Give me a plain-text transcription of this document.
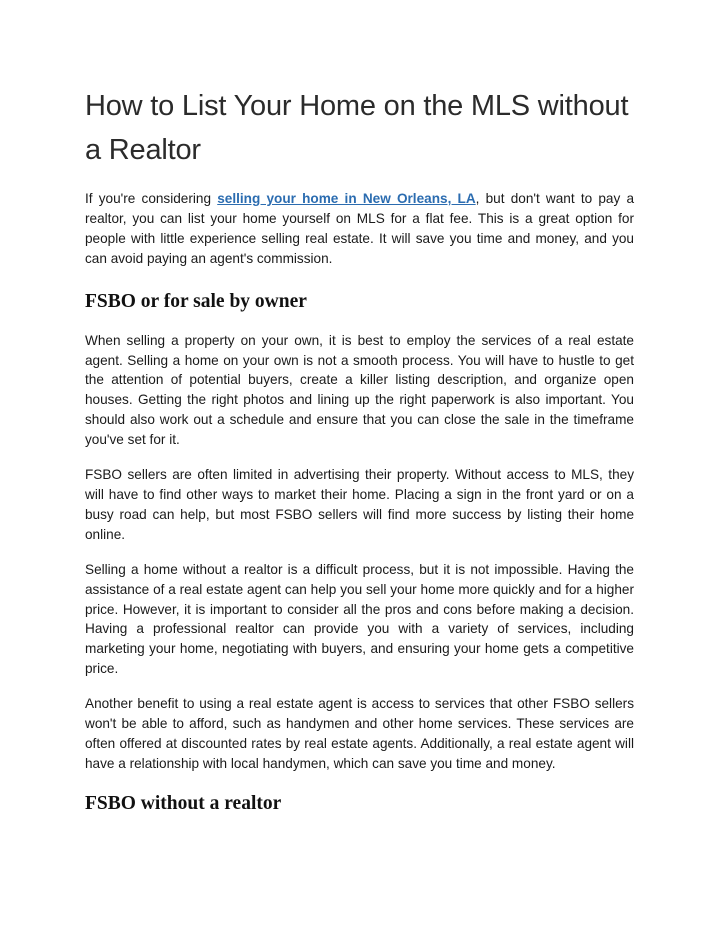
How to List Your Home on the MLS without a Realtor

If you're considering selling your home in New Orleans, LA, but don't want to pay a realtor, you can list your home yourself on MLS for a flat fee. This is a great option for people with little experience selling real estate. It will save you time and money, and you can avoid paying an agent's commission.

FSBO or for sale by owner

When selling a property on your own, it is best to employ the services of a real estate agent. Selling a home on your own is not a smooth process. You will have to hustle to get the attention of potential buyers, create a killer listing description, and organize open houses. Getting the right photos and lining up the right paperwork is also important. You should also work out a schedule and ensure that you can close the sale in the timeframe you've set for it.

FSBO sellers are often limited in advertising their property. Without access to MLS, they will have to find other ways to market their home. Placing a sign in the front yard or on a busy road can help, but most FSBO sellers will find more success by listing their home online.

Selling a home without a realtor is a difficult process, but it is not impossible. Having the assistance of a real estate agent can help you sell your home more quickly and for a higher price. However, it is important to consider all the pros and cons before making a decision. Having a professional realtor can provide you with a variety of services, including marketing your home, negotiating with buyers, and ensuring your home gets a competitive price.

Another benefit to using a real estate agent is access to services that other FSBO sellers won't be able to afford, such as handymen and other home services. These services are often offered at discounted rates by real estate agents. Additionally, a real estate agent will have a relationship with local handymen, which can save you time and money.

FSBO without a realtor
